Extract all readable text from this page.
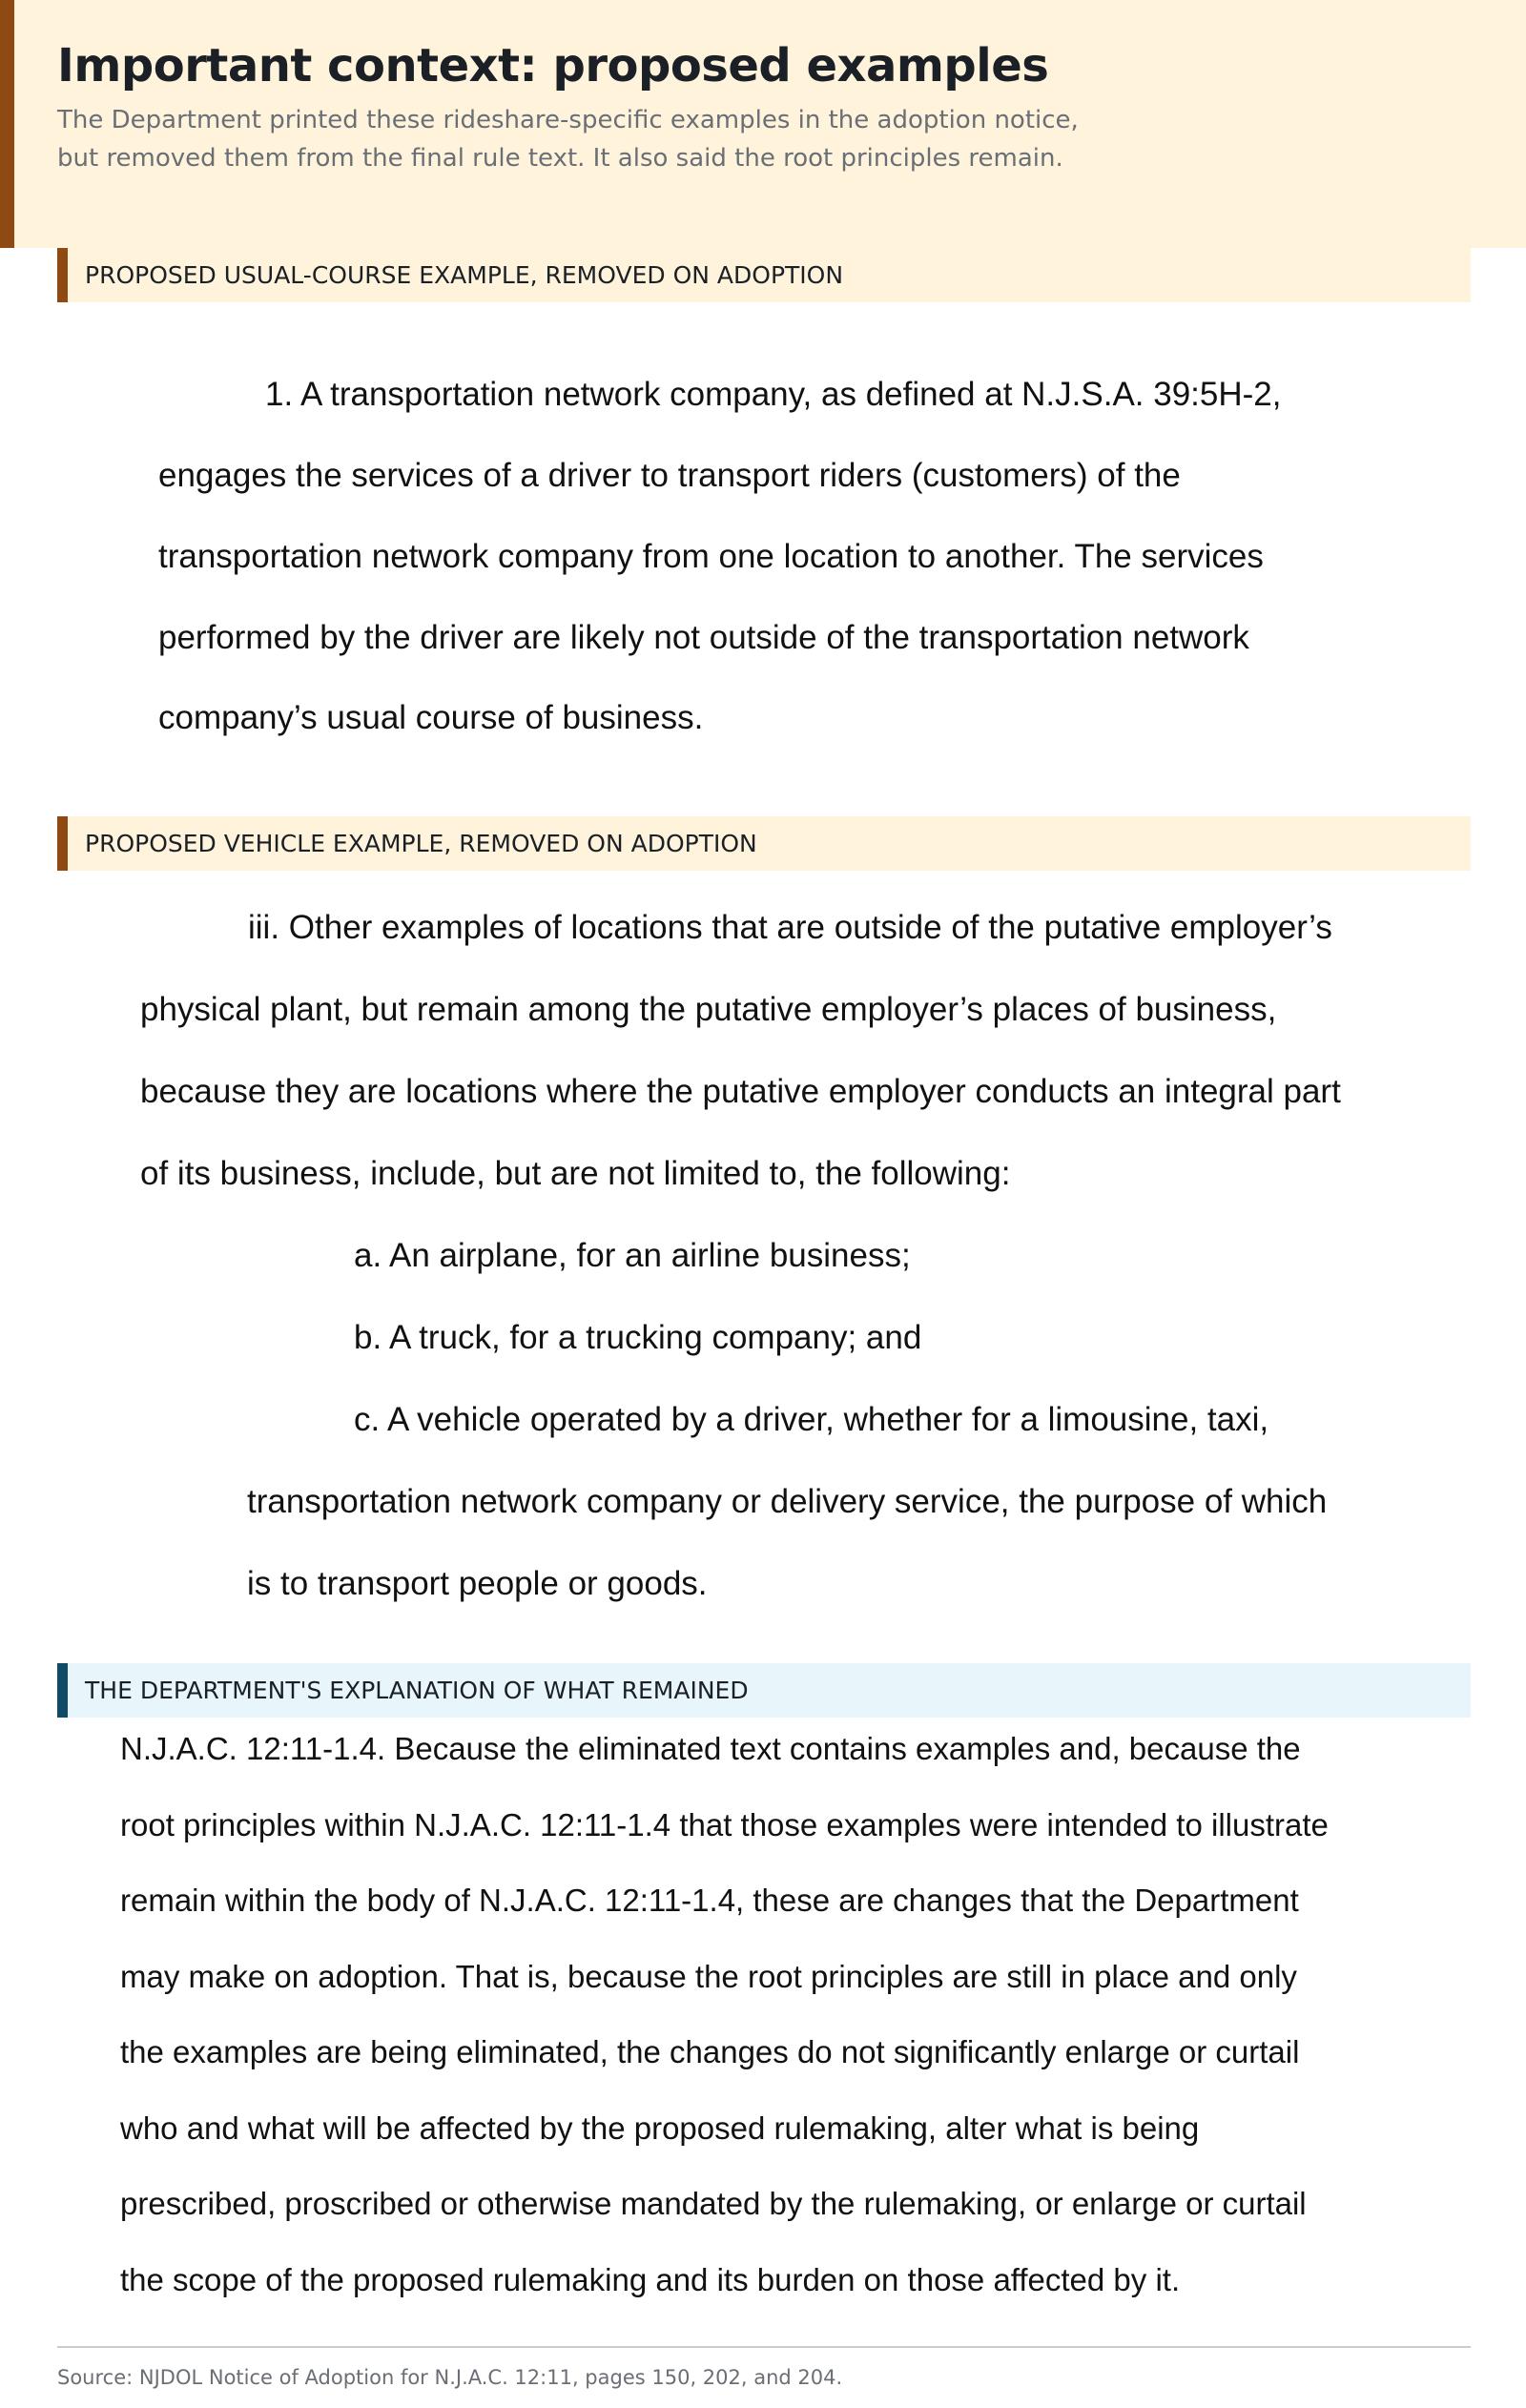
Important context: proposed examples

The Department printed these rideshare-specific examples in the adoption notice,
but removed them from the final rule text. It also said the root principles remain.

PROPOSED USUAL-COURSE EXAMPLE, REMOVED ON ADOPTION

1. A transportation network company, as defined at N.J.S.A. 39:5H-2,

engages the services of a driver to transport riders (customers) of the

transportation network company from one location to another. The services

performed by the driver are likely not outside of the transportation network

company’s usual course of business.

PROPOSED VEHICLE EXAMPLE, REMOVED ON ADOPTION

iii. Other examples of locations that are outside of the putative employer’s

physical plant, but remain among the putative employer’s places of business,

because they are locations where the putative employer conducts an integral part

of its business, include, but are not limited to, the following:

a. An airplane, for an airline business;

b. A truck, for a trucking company; and

c. A vehicle operated by a driver, whether for a limousine, taxi,

transportation network company or delivery service, the purpose of which

is to transport people or goods.

THE DEPARTMENT'S EXPLANATION OF WHAT REMAINED

N.J.A.C. 12:11-1.4. Because the eliminated text contains examples and, because the

root principles within N.J.A.C. 12:11-1.4 that those examples were intended to illustrate

remain within the body of N.J.A.C. 12:11-1.4, these are changes that the Department

may make on adoption. That is, because the root principles are still in place and only

the examples are being eliminated, the changes do not significantly enlarge or curtail

who and what will be affected by the proposed rulemaking, alter what is being

prescribed, proscribed or otherwise mandated by the rulemaking, or enlarge or curtail

the scope of the proposed rulemaking and its burden on those affected by it.

Source: NJDOL Notice of Adoption for N.J.A.C. 12:11, pages 150, 202, and 204.
